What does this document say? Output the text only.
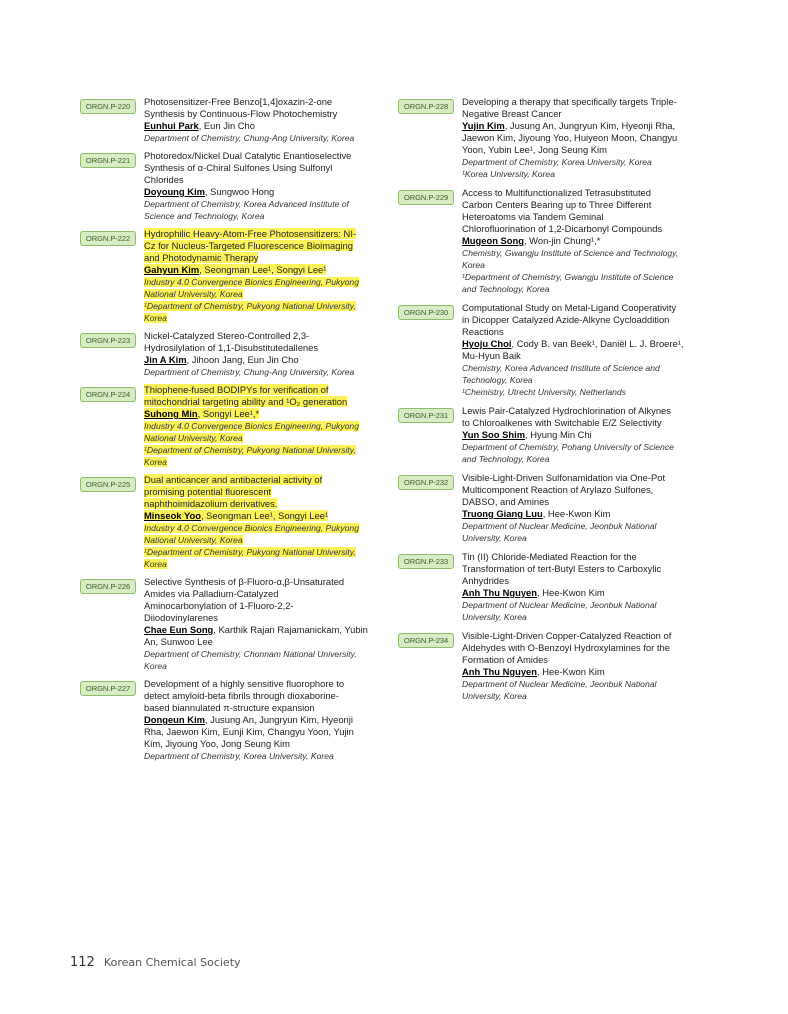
ORGN.P-220	Photosensitizer-Free Benzo[1,4]oxazin-2-one
Synthesis by Continuous-Flow Photochemistry
Eunhui Park, Eun Jin Cho
Department of Chemistry, Chung-Ang University, Korea
ORGN.P-221	Photoredox/Nickel Dual Catalytic Enantioselective
Synthesis of α-Chiral Sulfones Using Sulfonyl
Chlorides
Doyoung Kim, Sungwoo Hong
Department of Chemistry, Korea Advanced Institute of
Science and Technology, Korea
ORGN.P-222	Hydrophilic Heavy-Atom-Free Photosensitizers: NI-
Cz for Nucleus-Targeted Fluorescence Bioimaging
and Photodynamic Therapy
Gahyun Kim, Seongman Lee¹, Songyi Lee¹
Industry 4.0 Convergence Bionics Engineering, Pukyong
National University, Korea
¹Department of Chemistry, Pukyong National University,
Korea
ORGN.P-223	Nickel-Catalyzed Stereo-Controlled 2,3-
Hydrosilylation of 1,1-Disubstitutedallenes
Jin A Kim, Jihoon Jang, Eun Jin Cho
Department of Chemistry, Chung-Ang University, Korea
ORGN.P-224	Thiophene-fused BODIPYs for verification of
mitochondrial targeting ability and ¹O₂ generation
Suhong Min, Songyi Lee¹,*
Industry 4.0 Convergence Bionics Engineering, Pukyong
National University, Korea
¹Department of Chemistry, Pukyong National University,
Korea
ORGN.P-225	Dual anticancer and antibacterial activity of
promising potential fluorescent
naphthoimidazolium derivatives.
Minseok Yoo, Seongman Lee¹, Songyi Lee¹
Industry 4.0 Convergence Bionics Engineering, Pukyong
National University, Korea
¹Department of Chemistry, Pukyong National University,
Korea
ORGN.P-226	Selective Synthesis of β-Fluoro-α,β-Unsaturated
Amides via Palladium-Catalyzed
Aminocarbonylation of 1-Fluoro-2,2-
Diiodovinylarenes
Chae Eun Song, Karthik Rajan Rajamanickam, Yubin
An, Sunwoo Lee
Department of Chemistry, Chonnam National University,
Korea
ORGN.P-227	Development of a highly sensitive fluorophore to
detect amyloid-beta fibrils through dioxaborine-
based biannulated π-structure expansion
Dongeun Kim, Jusung An, Jungryun Kim, Hyeonji
Rha, Jaewon Kim, Eunji Kim, Changyu Yoon, Yujin
Kim, Jiyoung Yoo, Jong Seung Kim
Department of Chemistry, Korea University, Korea
ORGN.P-228	Developing a therapy that specifically targets Triple-
Negative Breast Cancer
Yujin Kim, Jusung An, Jungryun Kim, Hyeonji Rha,
Jaewon Kim, Jiyoung Yoo, Huiyeon Moon, Changyu
Yoon, Yubin Lee¹, Jong Seung Kim
Department of Chemistry, Korea University, Korea
¹Korea University, Korea
ORGN.P-229	Access to Multifunctionalized Tetrasubstituted
Carbon Centers Bearing up to Three Different
Heteroatoms via Tandem Geminal
Chlorofluorination of 1,2-Dicarbonyl Compounds
Mugeon Song, Won-jin Chung¹,*
Chemistry, Gwangju Institute of Science and Technology,
Korea
¹Department of Chemistry, Gwangju Institute of Science
and Technology, Korea
ORGN.P-230	Computational Study on Metal-Ligand Cooperativity
in Dicopper Catalyzed Azide-Alkyne Cycloaddition
Reactions
Hyoju Choi, Cody B. van Beek¹, Daniël L. J. Broere¹,
Mu-Hyun Baik
Chemistry, Korea Advanced Institute of Science and
Technology, Korea
¹Chemistry, Utrecht University, Netherlands
ORGN.P-231	Lewis Pair-Catalyzed Hydrochlorination of Alkynes
to Chloroalkenes with Switchable E/Z Selectivity
Yun Soo Shim, Hyung Min Chi
Department of Chemistry, Pohang University of Science
and Technology, Korea
ORGN.P-232	Visible-Light-Driven Sulfonamidation via One-Pot
Multicomponent Reaction of Arylazo Sulfones,
DABSO, and Amines
Truong Giang Luu, Hee-Kwon Kim
Department of Nuclear Medicine, Jeonbuk National
University, Korea
ORGN.P-233	Tin (II) Chloride-Mediated Reaction for the
Transformation of tert-Butyl Esters to Carboxylic
Anhydrides
Anh Thu Nguyen, Hee-Kwon Kim
Department of Nuclear Medicine, Jeonbuk National
University, Korea
ORGN.P-234	Visible-Light-Driven Copper-Catalyzed Reaction of
Aldehydes with O-Benzoyl Hydroxylamines for the
Formation of Amides
Anh Thu Nguyen, Hee-Kwon Kim
Department of Nuclear Medicine, Jeonbuk National
University, Korea
112 Korean Chemical Society
